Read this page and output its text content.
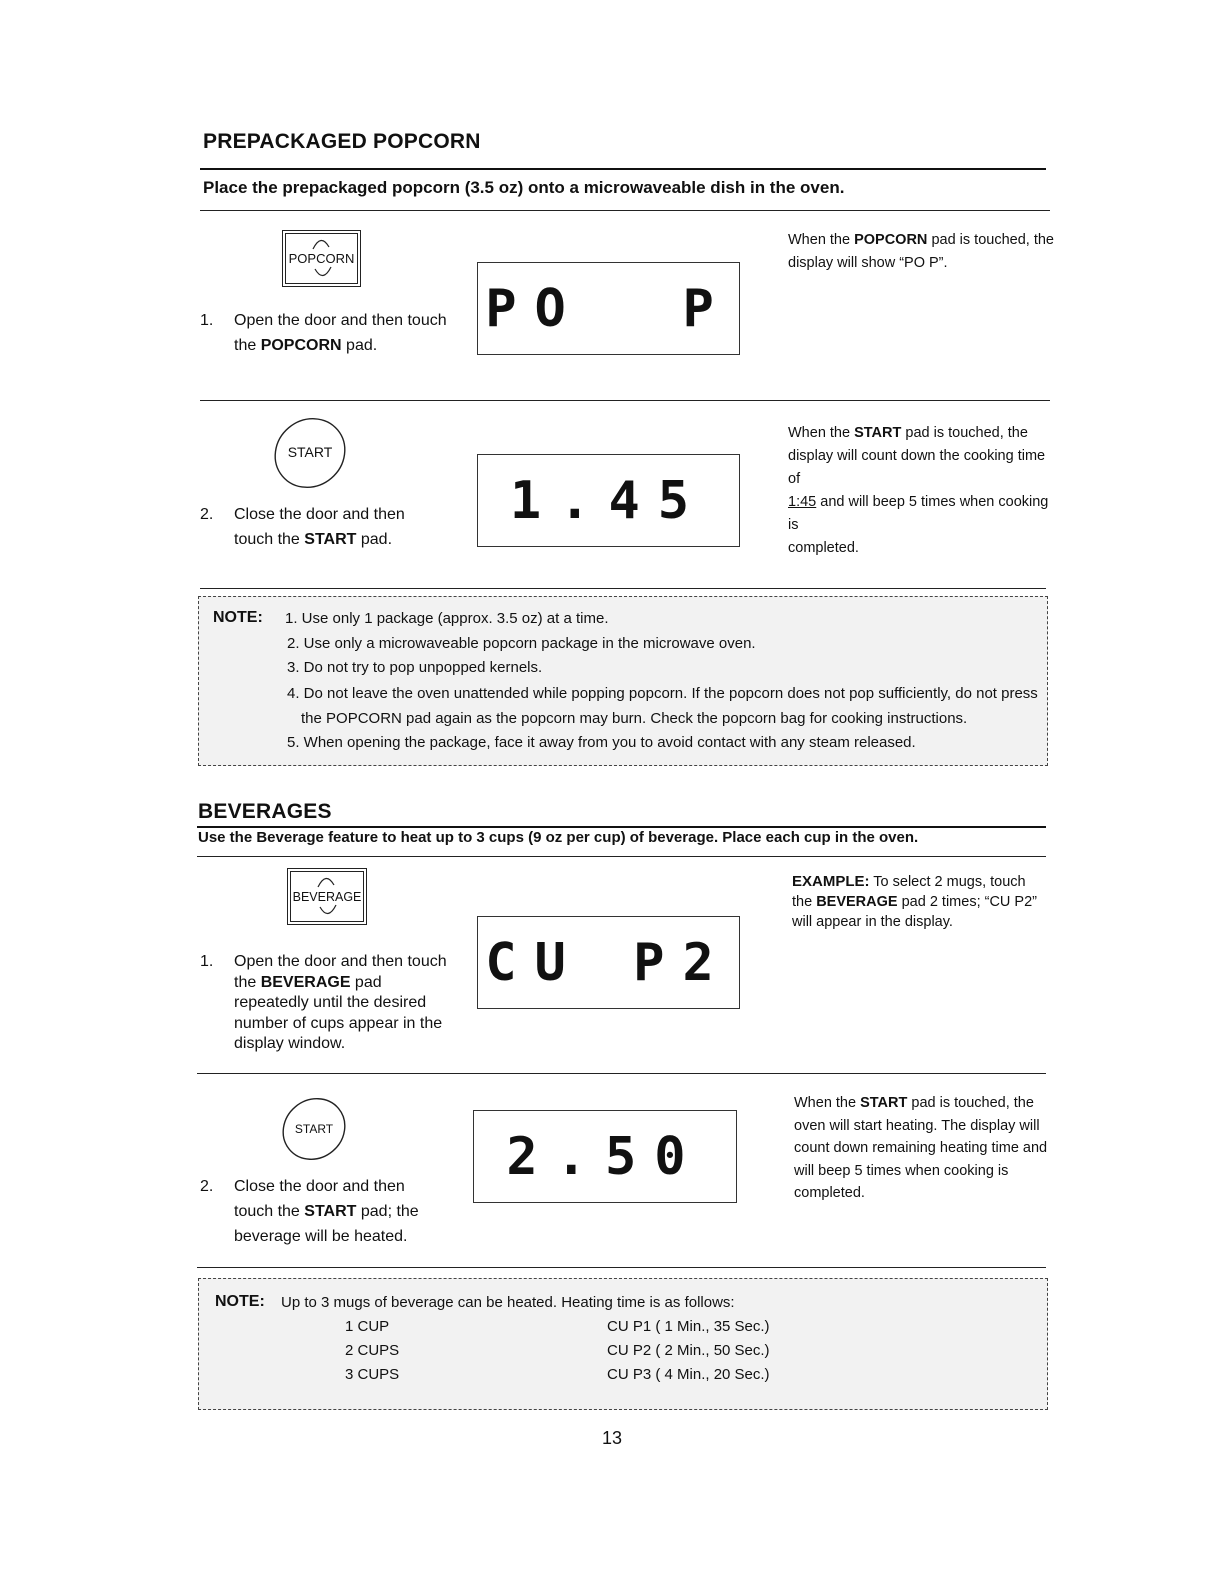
PREPACKAGED POPCORN
Place the prepackaged popcorn (3.5 oz) onto a microwaveable dish in the oven.
POPCORN
1. Open the door and then touch
the POPCORN pad.
PO  P
When the POPCORN pad is touched, the
display will show “PO P”.
START
2. Close the door and then
touch the START pad.
1.45
When the START pad is touched, the
display will count down the cooking time of
1:45 and will beep 5 times when cooking is
completed.
NOTE: 1. Use only 1 package (approx. 3.5 oz) at a time.
2. Use only a microwaveable popcorn package in the microwave oven.
3. Do not try to pop unpopped kernels.
4. Do not leave the oven unattended while popping popcorn. If the popcorn does not pop sufficiently, do not press
the POPCORN pad again as the popcorn may burn. Check the popcorn bag for cooking instructions.
5. When opening the package, face it away from you to avoid contact with any steam released.
BEVERAGES
Use the Beverage feature to heat up to 3 cups (9 oz per cup) of beverage. Place each cup in the oven.
BEVERAGE
1. Open the door and then touch
the BEVERAGE pad
repeatedly until the desired
number of cups appear in the
display window.
CU P2
EXAMPLE: To select 2 mugs, touch
the BEVERAGE pad 2 times; “CU P2”
will appear in the display.
START
2. Close the door and then
touch the START pad; the
beverage will be heated.
2.50
When the START pad is touched, the
oven will start heating. The display will
count down remaining heating time and
will beep 5 times when cooking is
completed.
NOTE: Up to 3 mugs of beverage can be heated. Heating time is as follows:
1 CUP	CU P1 ( 1 Min., 35 Sec.)
2 CUPS	CU P2 ( 2 Min., 50 Sec.)
3 CUPS	CU P3 ( 4 Min., 20 Sec.)
13
